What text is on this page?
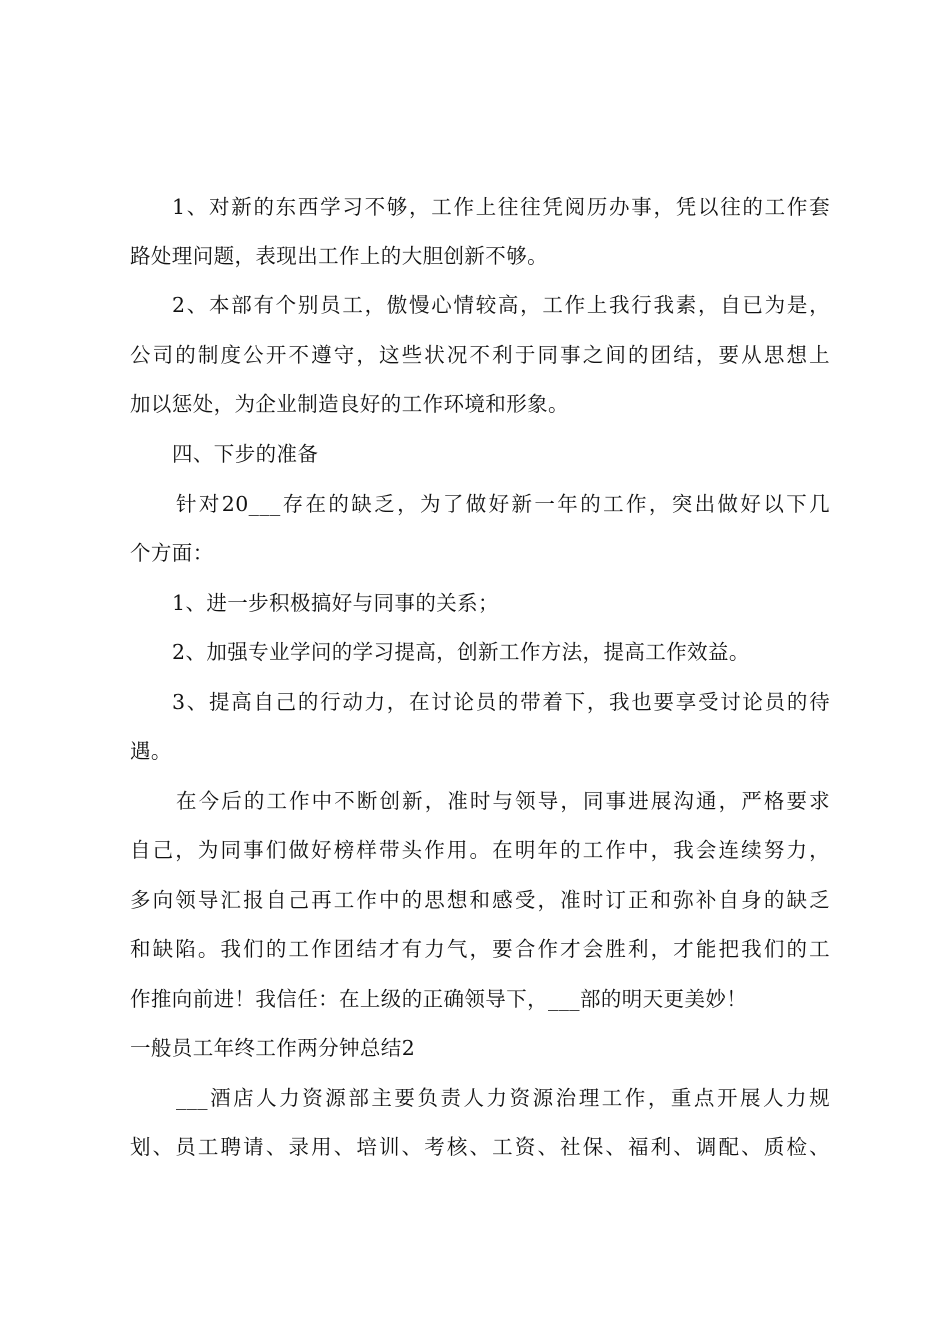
1、对新的东西学习不够，工作上往往凭阅历办事，凭以往的工作套
路处理问题，表现出工作上的大胆创新不够。
2、本部有个别员工，傲慢心情较高，工作上我行我素，自已为是，
公司的制度公开不遵守，这些状况不利于同事之间的团结，要从思想上
加以惩处，为企业制造良好的工作环境和形象。
四、下步的准备
针对20___存在的缺乏，为了做好新一年的工作，突出做好以下几
个方面：
1、进一步积极搞好与同事的关系；
2、加强专业学问的学习提高，创新工作方法，提高工作效益。
3、提高自己的行动力，在讨论员的带着下，我也要享受讨论员的待
遇。
在今后的工作中不断创新，准时与领导，同事进展沟通，严格要求
自己，为同事们做好榜样带头作用。在明年的工作中，我会连续努力，
多向领导汇报自己再工作中的思想和感受，准时订正和弥补自身的缺乏
和缺陷。我们的工作团结才有力气，要合作才会胜利，才能把我们的工
作推向前进！我信任：在上级的正确领导下，___部的明天更美妙！
一般员工年终工作两分钟总结2
___酒店人力资源部主要负责人力资源治理工作，重点开展人力规
划、员工聘请、录用、培训、考核、工资、社保、福利、调配、质检、
